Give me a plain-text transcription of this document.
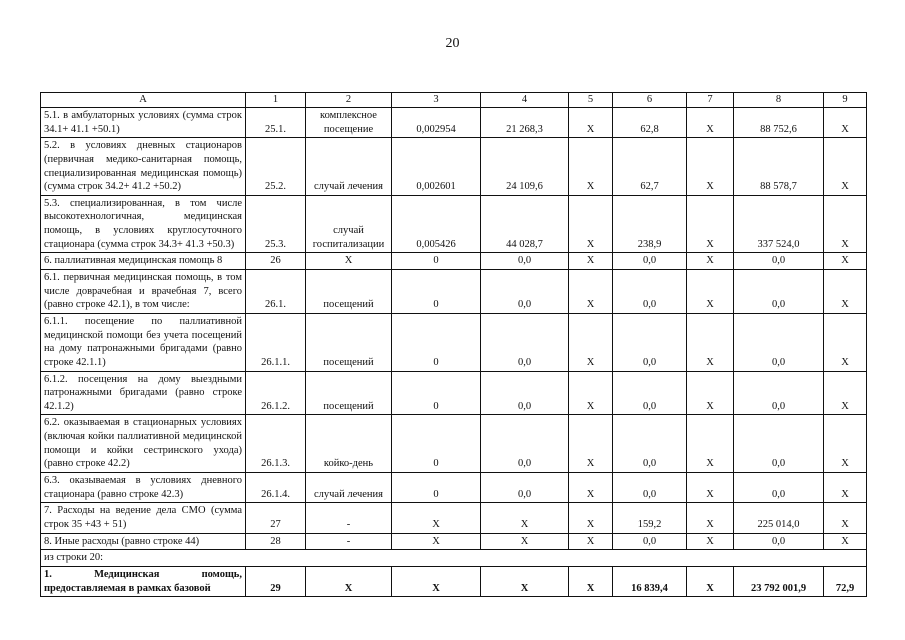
20
А	1	2	3	4	5	6	7	8	9
5.1. в амбулаторных условиях (сумма строк 34.1+ 41.1 +50.1)	25.1.	комплексное посещение	0,002954	21 268,3	Х	62,8	Х	88 752,6	Х
5.2. в условиях дневных стационаров (первичная медико-санитарная помощь, специализированная медицинская помощь) (сумма строк 34.2+ 41.2 +50.2)	25.2.	случай лечения	0,002601	24 109,6	Х	62,7	Х	88 578,7	Х
5.3. специализированная, в том числе высокотехнологичная, медицинская помощь, в условиях круглосуточного стационара (сумма строк 34.3+ 41.3 +50.3)	25.3.	случай госпитализации	0,005426	44 028,7	Х	238,9	Х	337 524,0	Х
6. паллиативная медицинская помощь 8	26	Х	0	0,0	Х	0,0	Х	0,0	Х
6.1. первичная медицинская помощь, в том числе доврачебная и врачебная 7, всего (равно строке 42.1), в том числе:	26.1.	посещений	0	0,0	Х	0,0	Х	0,0	Х
6.1.1. посещение по паллиативной медицинской помощи без учета посещений на дому патронажными бригадами (равно строке 42.1.1)	26.1.1.	посещений	0	0,0	Х	0,0	Х	0,0	Х
6.1.2. посещения на дому выездными патронажными бригадами (равно строке 42.1.2)	26.1.2.	посещений	0	0,0	Х	0,0	Х	0,0	Х
6.2. оказываемая в стационарных условиях (включая койки паллиативной медицинской помощи и койки сестринского ухода) (равно строке 42.2)	26.1.3.	койко-день	0	0,0	Х	0,0	Х	0,0	Х
6.3. оказываемая в условиях дневного стационара (равно строке 42.3)	26.1.4.	случай лечения	0	0,0	Х	0,0	Х	0,0	Х
7. Расходы на ведение дела СМО (сумма строк 35 +43 + 51)	27	-	Х	Х	Х	159,2	Х	225 014,0	Х
8. Иные расходы (равно строке 44)	28	-	Х	Х	Х	0,0	Х	0,0	Х
из строки 20:									
1. Медицинская помощь, предоставляемая в рамках базовой	29	Х	Х	Х	Х	16 839,4	Х	23 792 001,9	72,9
